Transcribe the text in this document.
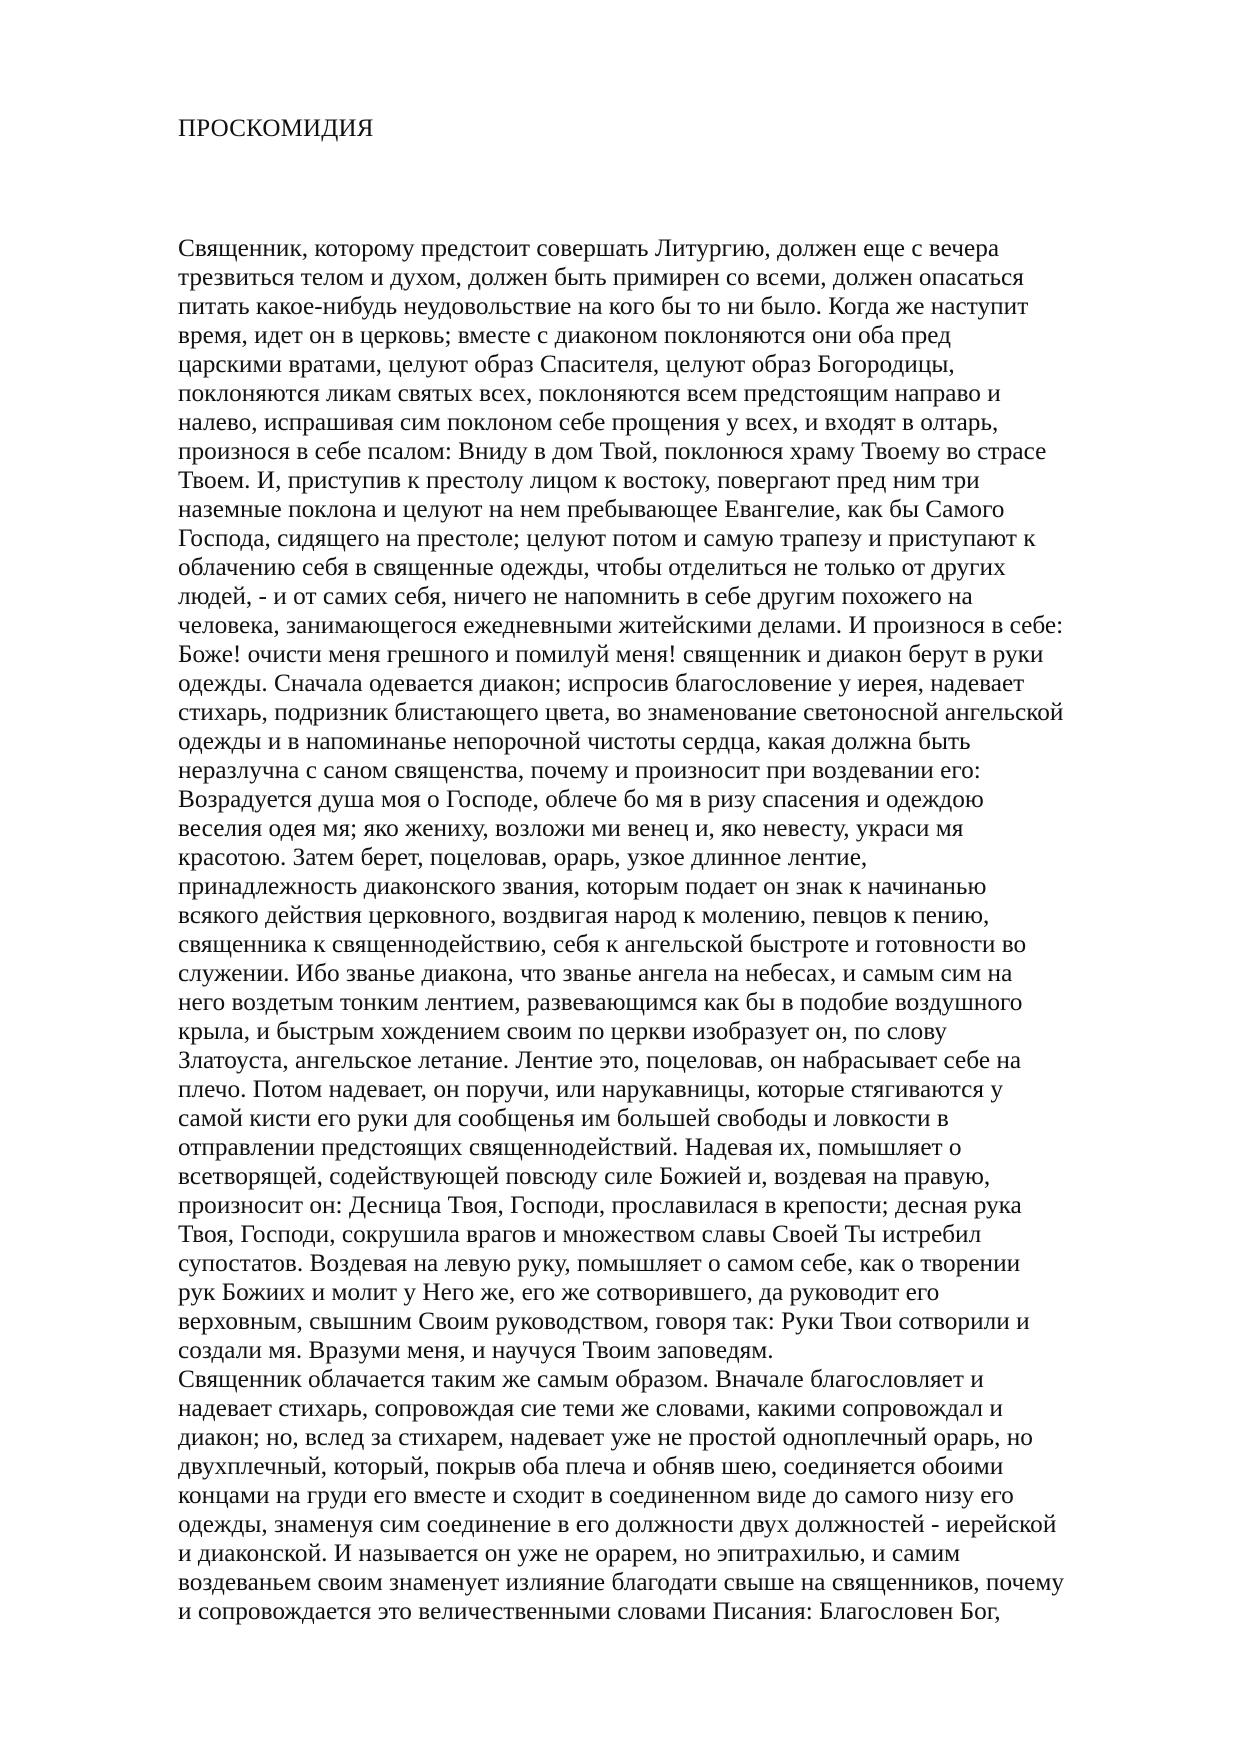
ПРОСКОМИДИЯ
Священник, которому предстоит совершать Литургию, должен еще с вечера
трезвиться телом и духом, должен быть примирен со всеми, должен опасаться
питать какое-нибудь неудовольствие на кого бы то ни было. Когда же наступит
время, идет он в церковь; вместе с диаконом поклоняются они оба пред
царскими вратами, целуют образ Спасителя, целуют образ Богородицы,
поклоняются ликам святых всех, поклоняются всем предстоящим направо и
налево, испрашивая сим поклоном себе прощения у всех, и входят в олтарь,
произнося в себе псалом: Вниду в дом Твой, поклонюся храму Твоему во страсе
Твоем. И, приступив к престолу лицом к востоку, повергают пред ним три
наземные поклона и целуют на нем пребывающее Евангелие, как бы Самого
Господа, сидящего на престоле; целуют потом и самую трапезу и приступают к
облачению себя в священные одежды, чтобы отделиться не только от других
людей, - и от самих себя, ничего не напомнить в себе другим похожего на
человека, занимающегося ежедневными житейскими делами. И произнося в себе:
Боже! очисти меня грешного и помилуй меня! священник и диакон берут в руки
одежды. Сначала одевается диакон; испросив благословение у иерея, надевает
стихарь, подризник блистающего цвета, во знаменование светоносной ангельской
одежды и в напоминанье непорочной чистоты сердца, какая должна быть
неразлучна с саном священства, почему и произносит при воздевании его:
Возрадуется душа моя о Господе, облече бо мя в ризу спасения и одеждою
веселия одея мя; яко жениху, возложи ми венец и, яко невесту, украси мя
красотою. Затем берет, поцеловав, орарь, узкое длинное лентие,
принадлежность диаконского звания, которым подает он знак к начинанью
всякого действия церковного, воздвигая народ к молению, певцов к пению,
священника к священнодействию, себя к ангельской быстроте и готовности во
служении. Ибо званье диакона, что званье ангела на небесах, и самым сим на
него воздетым тонким лентием, развевающимся как бы в подобие воздушного
крыла, и быстрым хождением своим по церкви изобразует он, по слову
Златоуста, ангельское летание. Лентие это, поцеловав, он набрасывает себе на
плечо. Потом надевает, он поручи, или нарукавницы, которые стягиваются у
самой кисти его руки для сообщенья им большей свободы и ловкости в
отправлении предстоящих священнодействий. Надевая их, помышляет о
всетворящей, содействующей повсюду силе Божией и, воздевая на правую,
произносит он: Десница Твоя, Господи, прославилася в крепости; десная рука
Твоя, Господи, сокрушила врагов и множеством славы Своей Ты истребил
супостатов. Воздевая на левую руку, помышляет о самом себе, как о творении
рук Божиих и молит у Него же, его же сотворившего, да руководит его
верховным, свышним Своим руководством, говоря так: Руки Твои сотворили и
создали мя. Вразуми меня, и научуся Твоим заповедям.
Священник облачается таким же самым образом. Вначале благословляет и
надевает стихарь, сопровождая сие теми же словами, какими сопровождал и
диакон; но, вслед за стихарем, надевает уже не простой одноплечный орарь, но
двухплечный, который, покрыв оба плеча и обняв шею, соединяется обоими
концами на груди его вместе и сходит в соединенном виде до самого низу его
одежды, знаменуя сим соединение в его должности двух должностей - иерейской
и диаконской. И называется он уже не орарем, но эпитрахилью, и самим
воздеваньем своим знаменует излияние благодати свыше на священников, почему
и сопровождается это величественными словами Писания: Благословен Бог,
